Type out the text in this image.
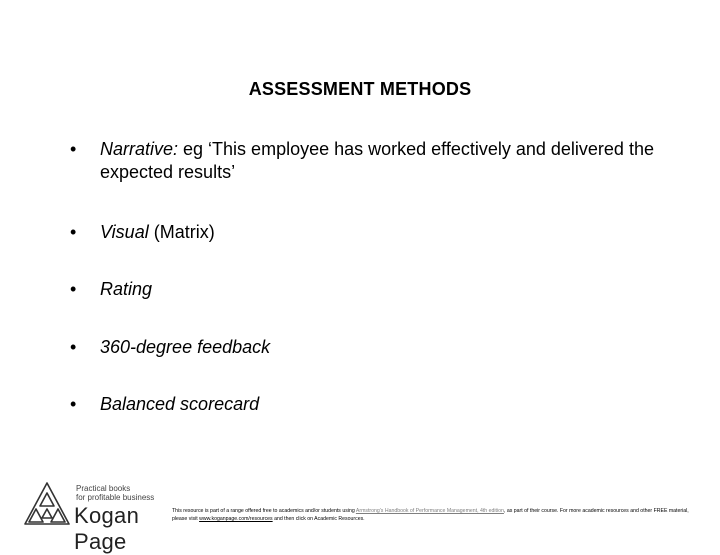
ASSESSMENT METHODS
•	Narrative: eg ‘This employee has worked effectively and delivered the expected results’
•	Visual (Matrix)
•	Rating
•	360-degree feedback
•	Balanced scorecard
Practical books
for profitable business
Kogan Page
This resource is part of a range offered free to academics and/or students using Armstrong's Handbook of Performance Management, 4th edition, as part of their course. For more academic resources and other FREE material, please visit www.koganpage.com/resources and then click on Academic Resources.
